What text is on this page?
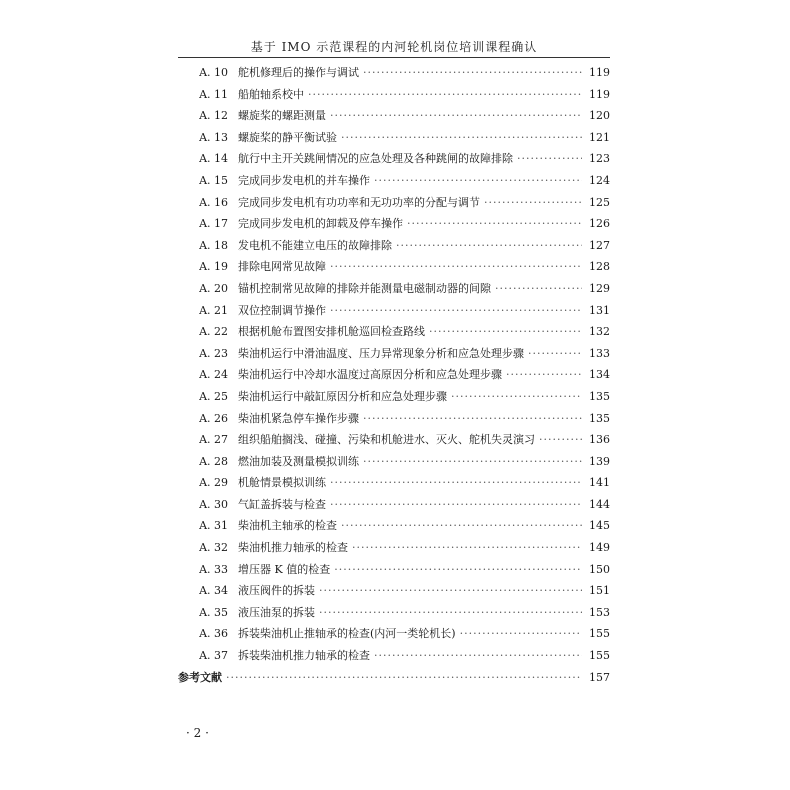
基于 IMO 示范课程的内河轮机岗位培训课程确认
A. 10 舵机修理后的操作与调试 ·····	119
A. 11 船舶轴系校中 ·····	119
A. 12 螺旋桨的螺距测量 ·····	120
A. 13 螺旋桨的静平衡试验 ·····	121
A. 14 航行中主开关跳闸情况的应急处理及各种跳闸的故障排除 ·····	123
A. 15 完成同步发电机的并车操作 ·····	124
A. 16 完成同步发电机有功功率和无功功率的分配与调节 ·····	125
A. 17 完成同步发电机的卸载及停车操作 ·····	126
A. 18 发电机不能建立电压的故障排除 ·····	127
A. 19 排除电网常见故障 ·····	128
A. 20 锚机控制常见故障的排除并能测量电磁制动器的间隙 ·····	129
A. 21 双位控制调节操作 ·····	131
A. 22 根据机舱布置图安排机舱巡回检查路线 ·····	132
A. 23 柴油机运行中滑油温度、压力异常现象分析和应急处理步骤 ·····	133
A. 24 柴油机运行中冷却水温度过高原因分析和应急处理步骤 ·····	134
A. 25 柴油机运行中敲缸原因分析和应急处理步骤 ·····	135
A. 26 柴油机紧急停车操作步骤 ·····	135
A. 27 组织船舶搁浅、碰撞、污染和机舱进水、灭火、舵机失灵演习 ·····	136
A. 28 燃油加装及测量模拟训练 ·····	139
A. 29 机舱情景模拟训练 ·····	141
A. 30 气缸盖拆装与检查 ·····	144
A. 31 柴油机主轴承的检查 ·····	145
A. 32 柴油机推力轴承的检查 ·····	149
A. 33 增压器 K 值的检查 ·····	150
A. 34 液压阀件的拆装 ·····	151
A. 35 液压油泵的拆装 ·····	153
A. 36 拆装柴油机止推轴承的检查(内河一类轮机长) ·····	155
A. 37 拆装柴油机推力轴承的检查 ·····	155
参考文献 ·····	157
· 2 ·
